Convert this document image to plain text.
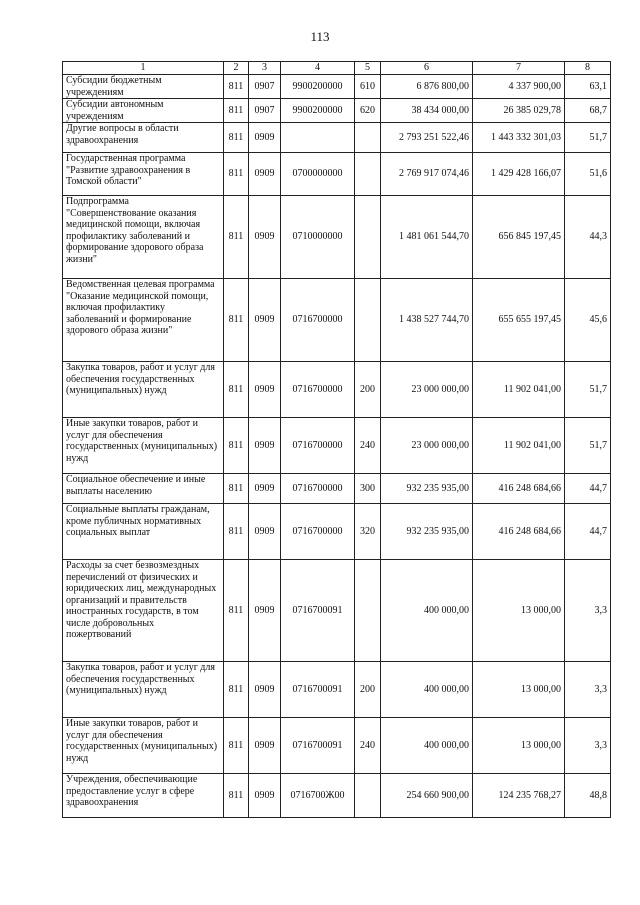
113
1	2	3	4	5	6	7	8
Субсидии бюджетным учреждениям	811	0907	9900200000	610	6 876 800,00	4 337 900,00	63,1
Субсидии автономным учреждениям	811	0907	9900200000	620	38 434 000,00	26 385 029,78	68,7
Другие вопросы в области здравоохранения	811	0909			2 793 251 522,46	1 443 332 301,03	51,7
Государственная программа "Развитие здравоохранения в Томской области"	811	0909	0700000000		2 769 917 074,46	1 429 428 166,07	51,6
Подпрограмма "Совершенствование оказания медицинской помощи, включая профилактику заболеваний и формирование здорового образа жизни"	811	0909	0710000000		1 481 061 544,70	656 845 197,45	44,3
Ведомственная целевая программа "Оказание медицинской помощи, включая профилактику заболеваний и формирование здорового образа жизни"	811	0909	0716700000		1 438 527 744,70	655 655 197,45	45,6
Закупка товаров, работ и услуг для обеспечения государственных (муниципальных) нужд	811	0909	0716700000	200	23 000 000,00	11 902 041,00	51,7
Иные закупки товаров, работ и услуг для обеспечения государственных (муниципальных) нужд	811	0909	0716700000	240	23 000 000,00	11 902 041,00	51,7
Социальное обеспечение и иные выплаты населению	811	0909	0716700000	300	932 235 935,00	416 248 684,66	44,7
Социальные выплаты гражданам, кроме публичных нормативных социальных выплат	811	0909	0716700000	320	932 235 935,00	416 248 684,66	44,7
Расходы за счет безвозмездных перечислений от физических и юридических лиц, международных организаций и правительств иностранных государств, в том числе добровольных пожертвований	811	0909	0716700091		400 000,00	13 000,00	3,3
Закупка товаров, работ и услуг для обеспечения государственных (муниципальных) нужд	811	0909	0716700091	200	400 000,00	13 000,00	3,3
Иные закупки товаров, работ и услуг для обеспечения государственных (муниципальных) нужд	811	0909	0716700091	240	400 000,00	13 000,00	3,3
Учреждения, обеспечивающие предоставление услуг в сфере здравоохранения	811	0909	0716700Ж00		254 660 900,00	124 235 768,27	48,8
